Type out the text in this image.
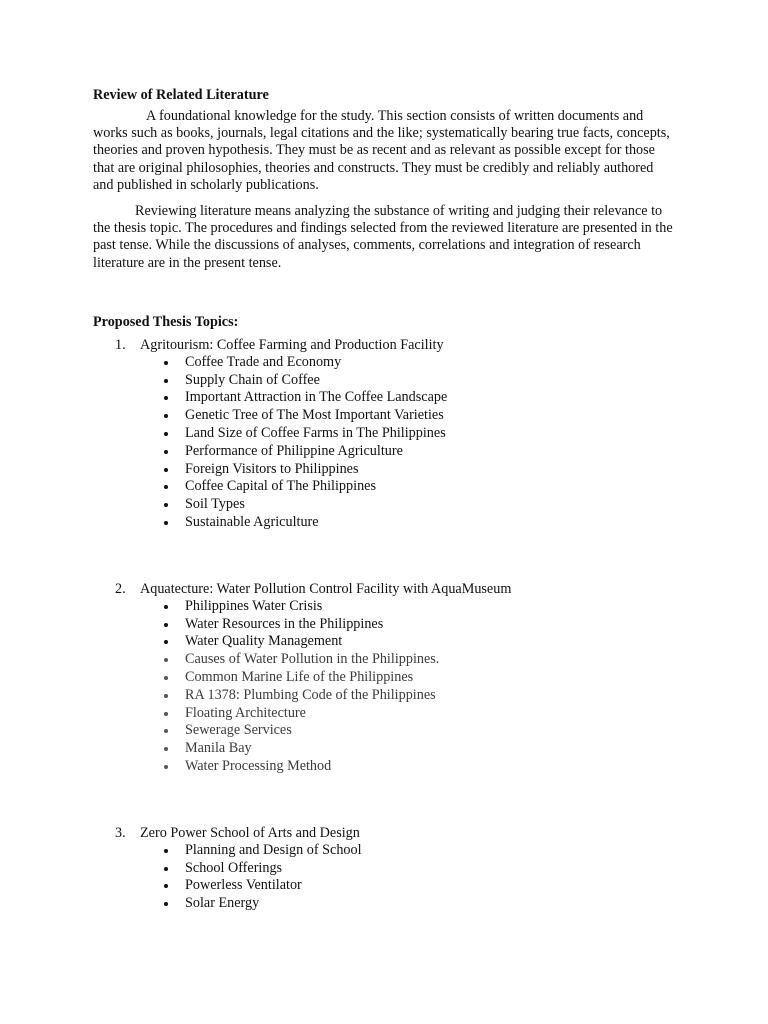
Review of Related Literature

A foundational knowledge for the study. This section consists of written documents and works such as books, journals, legal citations and the like; systematically bearing true facts, concepts, theories and proven hypothesis. They must be as recent and as relevant as possible except for those that are original philosophies, theories and constructs. They must be credibly and reliably authored and published in scholarly publications.

Reviewing literature means analyzing the substance of writing and judging their relevance to the thesis topic. The procedures and findings selected from the reviewed literature are presented in the past tense. While the discussions of analyses, comments, correlations and integration of research literature are in the present tense.

Proposed Thesis Topics:

1. Agritourism: Coffee Farming and Production Facility
Coffee Trade and Economy
Supply Chain of Coffee
Important Attraction in The Coffee Landscape
Genetic Tree of The Most Important Varieties
Land Size of Coffee Farms in The Philippines
Performance of Philippine Agriculture
Foreign Visitors to Philippines
Coffee Capital of The Philippines
Soil Types
Sustainable Agriculture
2. Aquatecture: Water Pollution Control Facility with AquaMuseum
Philippines Water Crisis
Water Resources in the Philippines
Water Quality Management
Causes of Water Pollution in the Philippines.
Common Marine Life of the Philippines
RA 1378: Plumbing Code of the Philippines
Floating Architecture
Sewerage Services
Manila Bay
Water Processing Method
3. Zero Power School of Arts and Design
Planning and Design of School
School Offerings
Powerless Ventilator
Solar Energy
